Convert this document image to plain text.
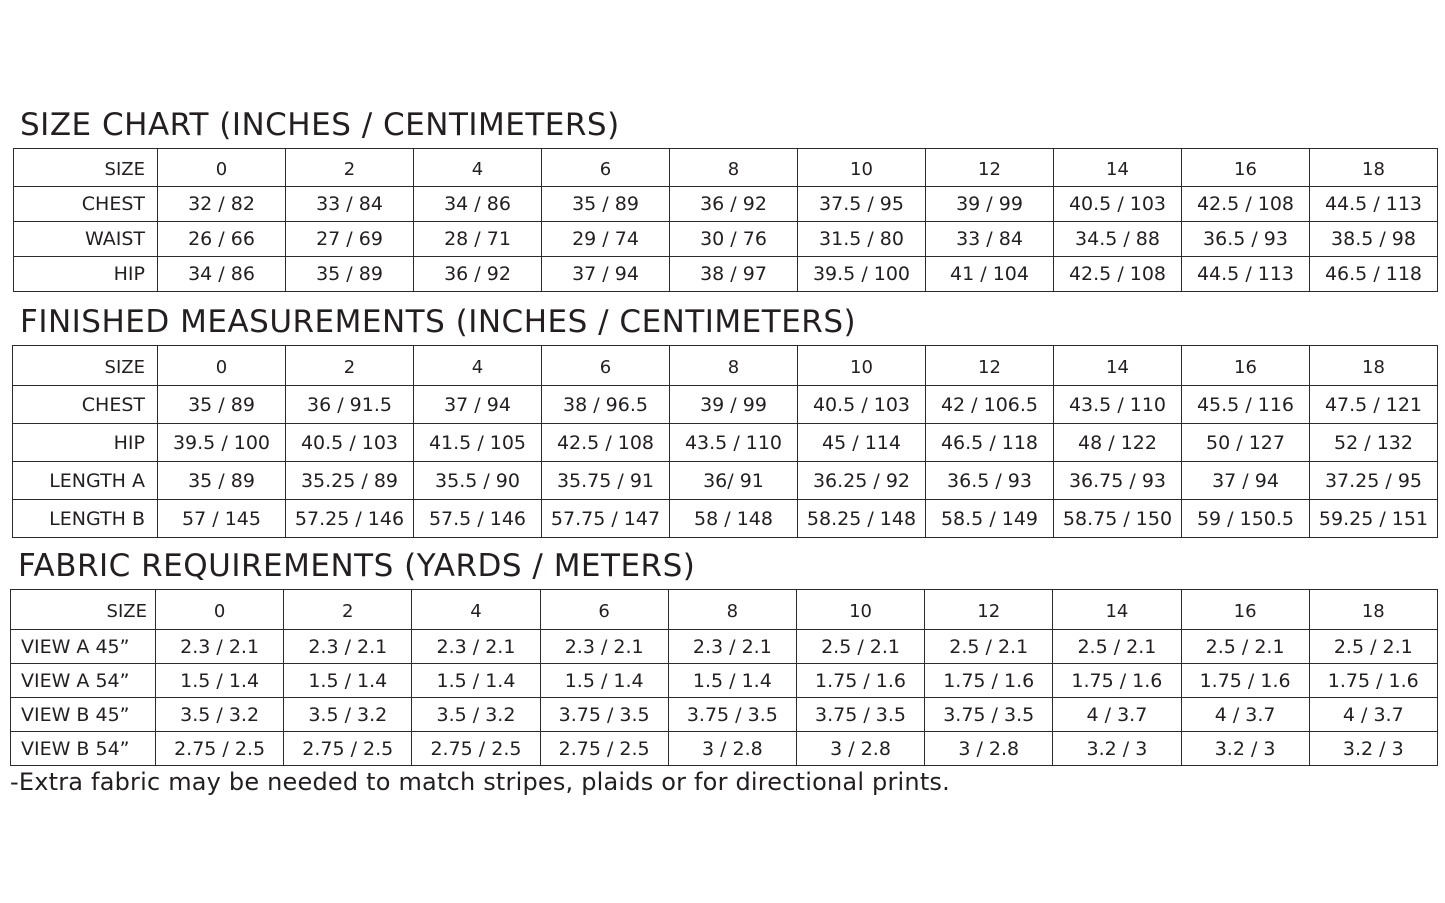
SIZE CHART (INCHES / CENTIMETERS)
SIZE	0	2	4	6	8	10	12	14	16	18
CHEST	32 / 82	33 / 84	34 / 86	35 / 89	36 / 92	37.5 / 95	39 / 99	40.5 / 103	42.5 / 108	44.5 / 113
WAIST	26 / 66	27 / 69	28 / 71	29 / 74	30 / 76	31.5 / 80	33 / 84	34.5 / 88	36.5 / 93	38.5 / 98
HIP	34 / 86	35 / 89	36 / 92	37 / 94	38 / 97	39.5 / 100	41 / 104	42.5 / 108	44.5 / 113	46.5 / 118
FINISHED MEASUREMENTS (INCHES / CENTIMETERS)
SIZE	0	2	4	6	8	10	12	14	16	18
CHEST	35 / 89	36 / 91.5	37 / 94	38 / 96.5	39 / 99	40.5 / 103	42 / 106.5	43.5 / 110	45.5 / 116	47.5 / 121
HIP	39.5 / 100	40.5 / 103	41.5 / 105	42.5 / 108	43.5 / 110	45 / 114	46.5 / 118	48 / 122	50 / 127	52 / 132
LENGTH A	35 / 89	35.25 / 89	35.5 / 90	35.75 / 91	36/ 91	36.25 / 92	36.5 / 93	36.75 / 93	37 / 94	37.25 / 95
LENGTH B	57 / 145	57.25 / 146	57.5 / 146	57.75 / 147	58 / 148	58.25 / 148	58.5 / 149	58.75 / 150	59 / 150.5	59.25 / 151
FABRIC REQUIREMENTS (YARDS / METERS)
SIZE	0	2	4	6	8	10	12	14	16	18
VIEW A 45”	2.3 / 2.1	2.3 / 2.1	2.3 / 2.1	2.3 / 2.1	2.3 / 2.1	2.5 / 2.1	2.5 / 2.1	2.5 / 2.1	2.5 / 2.1	2.5 / 2.1
VIEW A 54”	1.5 / 1.4	1.5 / 1.4	1.5 / 1.4	1.5 / 1.4	1.5 / 1.4	1.75 / 1.6	1.75 / 1.6	1.75 / 1.6	1.75 / 1.6	1.75 / 1.6
VIEW B 45”	3.5 / 3.2	3.5 / 3.2	3.5 / 3.2	3.75 / 3.5	3.75 / 3.5	3.75 / 3.5	3.75 / 3.5	4 / 3.7	4 / 3.7	4 / 3.7
VIEW B 54”	2.75 / 2.5	2.75 / 2.5	2.75 / 2.5	2.75 / 2.5	3 / 2.8	3 / 2.8	3 / 2.8	3.2 / 3	3.2 / 3	3.2 / 3
-Extra fabric may be needed to match stripes, plaids or for directional prints.
